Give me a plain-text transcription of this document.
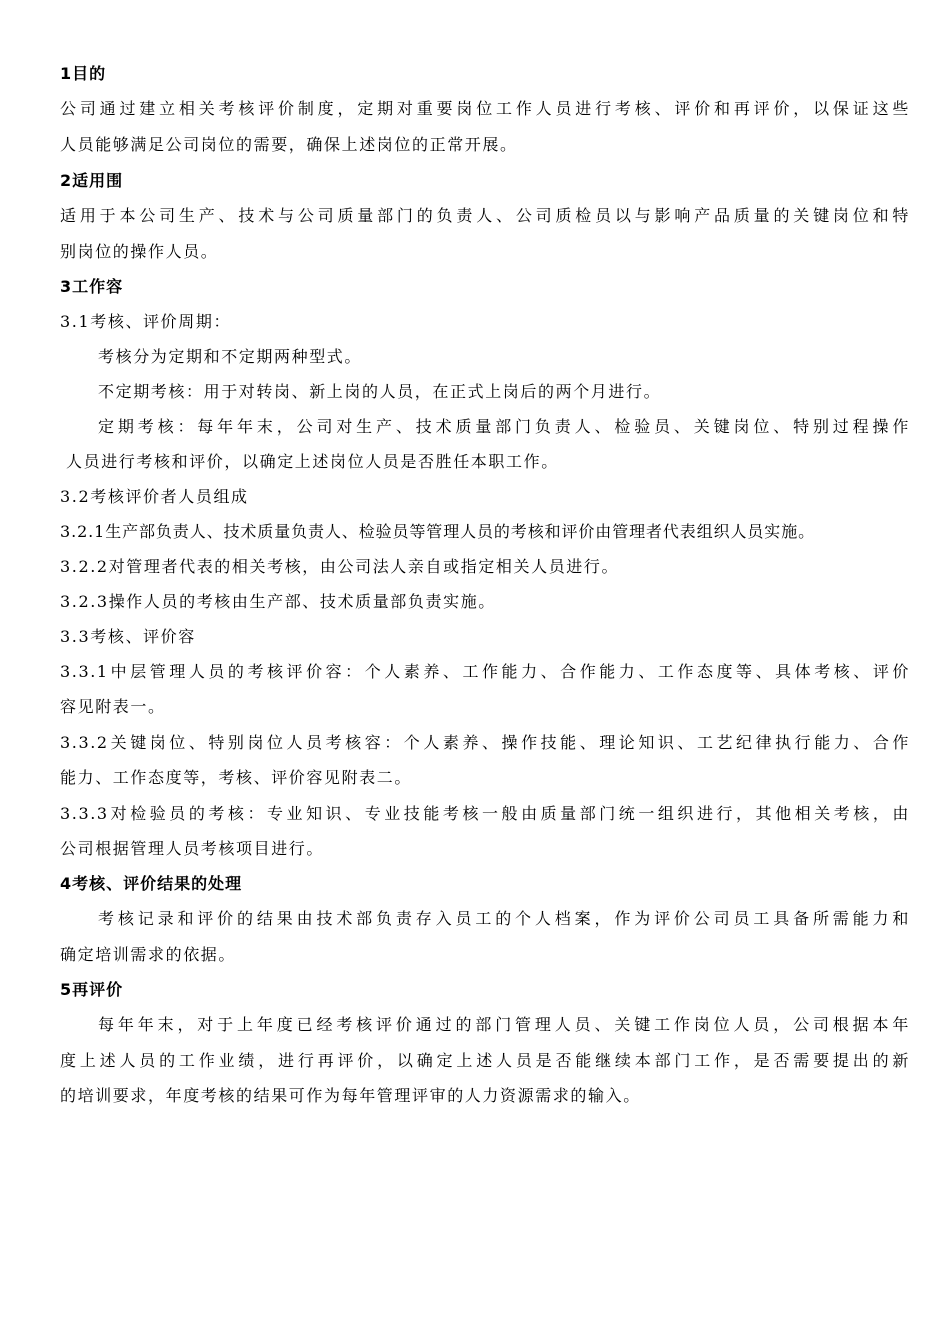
1目的
公司通过建立相关考核评价制度，定期对重要岗位工作人员进行考核、评价和再评价，以保证这些
人员能够满足公司岗位的需要，确保上述岗位的正常开展。
2适用围
适用于本公司生产、技术与公司质量部门的负责人、公司质检员以与影响产品质量的关键岗位和特
别岗位的操作人员。
3工作容
3.1考核、评价周期：
考核分为定期和不定期两种型式。
不定期考核：用于对转岗、新上岗的人员，在正式上岗后的两个月进行。
定期考核：每年年末，公司对生产、技术质量部门负责人、检验员、关键岗位、特别过程操作
人员进行考核和评价，以确定上述岗位人员是否胜任本职工作。
3.2考核评价者人员组成
3.2.1生产部负责人、技术质量负责人、检验员等管理人员的考核和评价由管理者代表组织人员实施。
3.2.2对管理者代表的相关考核，由公司法人亲自或指定相关人员进行。
3.2.3操作人员的考核由生产部、技术质量部负责实施。
3.3考核、评价容
3.3.1中层管理人员的考核评价容：个人素养、工作能力、合作能力、工作态度等、具体考核、评价
容见附表一。
3.3.2关键岗位、特别岗位人员考核容：个人素养、操作技能、理论知识、工艺纪律执行能力、合作
能力、工作态度等，考核、评价容见附表二。
3.3.3对检验员的考核：专业知识、专业技能考核一般由质量部门统一组织进行，其他相关考核，由
公司根据管理人员考核项目进行。
4考核、评价结果的处理
考核记录和评价的结果由技术部负责存入员工的个人档案，作为评价公司员工具备所需能力和
确定培训需求的依据。
5再评价
每年年末，对于上年度已经考核评价通过的部门管理人员、关键工作岗位人员，公司根据本年
度上述人员的工作业绩，进行再评价，以确定上述人员是否能继续本部门工作，是否需要提出的新
的培训要求，年度考核的结果可作为每年管理评审的人力资源需求的输入。
